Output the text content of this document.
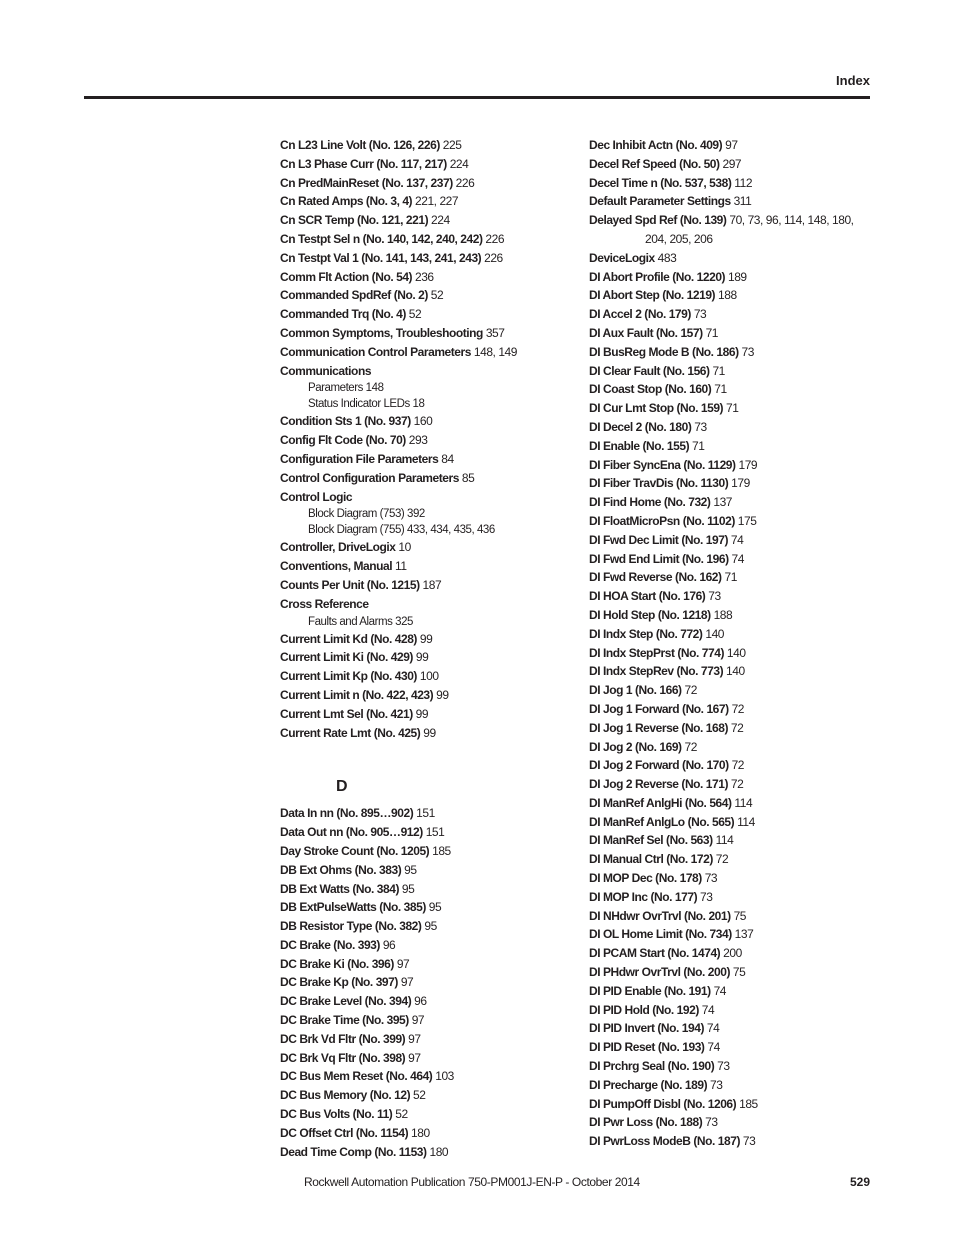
Index
Cn L23 Line Volt (No. 126, 226) 225
Cn L3 Phase Curr (No. 117, 217) 224
Cn PredMainReset (No. 137, 237) 226
Cn Rated Amps (No. 3, 4) 221, 227
Cn SCR Temp (No. 121, 221) 224
Cn Testpt Sel n (No. 140, 142, 240, 242) 226
Cn Testpt Val 1 (No. 141, 143, 241, 243) 226
Comm Flt Action (No. 54) 236
Commanded SpdRef (No. 2) 52
Commanded Trq (No. 4) 52
Common Symptoms, Troubleshooting 357
Communication Control Parameters 148, 149
Communications
Parameters 148
Status Indicator LEDs 18
Condition Sts 1 (No. 937) 160
Config Flt Code (No. 70) 293
Configuration File Parameters 84
Control Configuration Parameters 85
Control Logic
Block Diagram (753) 392
Block Diagram (755) 433, 434, 435, 436
Controller, DriveLogix 10
Conventions, Manual 11
Counts Per Unit (No. 1215) 187
Cross Reference
Faults and Alarms 325
Current Limit Kd (No. 428) 99
Current Limit Ki (No. 429) 99
Current Limit Kp (No. 430) 100
Current Limit n (No. 422, 423) 99
Current Lmt Sel (No. 421) 99
Current Rate Lmt (No. 425) 99
D
Data In nn (No. 895…902) 151
Data Out nn (No. 905…912) 151
Day Stroke Count (No. 1205) 185
DB Ext Ohms (No. 383) 95
DB Ext Watts (No. 384) 95
DB ExtPulseWatts (No. 385) 95
DB Resistor Type (No. 382) 95
DC Brake (No. 393) 96
DC Brake Ki (No. 396) 97
DC Brake Kp (No. 397) 97
DC Brake Level (No. 394) 96
DC Brake Time (No. 395) 97
DC Brk Vd Fltr (No. 399) 97
DC Brk Vq Fltr (No. 398) 97
DC Bus Mem Reset (No. 464) 103
DC Bus Memory (No. 12) 52
DC Bus Volts (No. 11) 52
DC Offset Ctrl (No. 1154) 180
Dead Time Comp (No. 1153) 180
Dec Inhibit Actn (No. 409) 97
Decel Ref Speed (No. 50) 297
Decel Time n (No. 537, 538) 112
Default Parameter Settings 311
Delayed Spd Ref (No. 139) 70, 73, 96, 114, 148, 180,
204, 205, 206
DeviceLogix 483
DI Abort Profile (No. 1220) 189
DI Abort Step (No. 1219) 188
DI Accel 2 (No. 179) 73
DI Aux Fault (No. 157) 71
DI BusReg Mode B (No. 186) 73
DI Clear Fault (No. 156) 71
DI Coast Stop (No. 160) 71
DI Cur Lmt Stop (No. 159) 71
DI Decel 2 (No. 180) 73
DI Enable (No. 155) 71
DI Fiber SyncEna (No. 1129) 179
DI Fiber TravDis (No. 1130) 179
DI Find Home (No. 732) 137
DI FloatMicroPsn (No. 1102) 175
DI Fwd Dec Limit (No. 197) 74
DI Fwd End Limit (No. 196) 74
DI Fwd Reverse (No. 162) 71
DI HOA Start (No. 176) 73
DI Hold Step (No. 1218) 188
DI Indx Step (No. 772) 140
DI Indx StepPrst (No. 774) 140
DI Indx StepRev (No. 773) 140
DI Jog 1 (No. 166) 72
DI Jog 1 Forward (No. 167) 72
DI Jog 1 Reverse (No. 168) 72
DI Jog 2 (No. 169) 72
DI Jog 2 Forward (No. 170) 72
DI Jog 2 Reverse (No. 171) 72
DI ManRef AnlgHi (No. 564) 114
DI ManRef AnlgLo (No. 565) 114
DI ManRef Sel (No. 563) 114
DI Manual Ctrl (No. 172) 72
DI MOP Dec (No. 178) 73
DI MOP Inc (No. 177) 73
DI NHdwr OvrTrvl (No. 201) 75
DI OL Home Limit (No. 734) 137
DI PCAM Start (No. 1474) 200
DI PHdwr OvrTrvl (No. 200) 75
DI PID Enable (No. 191) 74
DI PID Hold (No. 192) 74
DI PID Invert (No. 194) 74
DI PID Reset (No. 193) 74
DI Prchrg Seal (No. 190) 73
DI Precharge (No. 189) 73
DI PumpOff Disbl (No. 1206) 185
DI Pwr Loss (No. 188) 73
DI PwrLoss ModeB (No. 187) 73
Rockwell Automation Publication 750-PM001J-EN-P - October 2014	529
